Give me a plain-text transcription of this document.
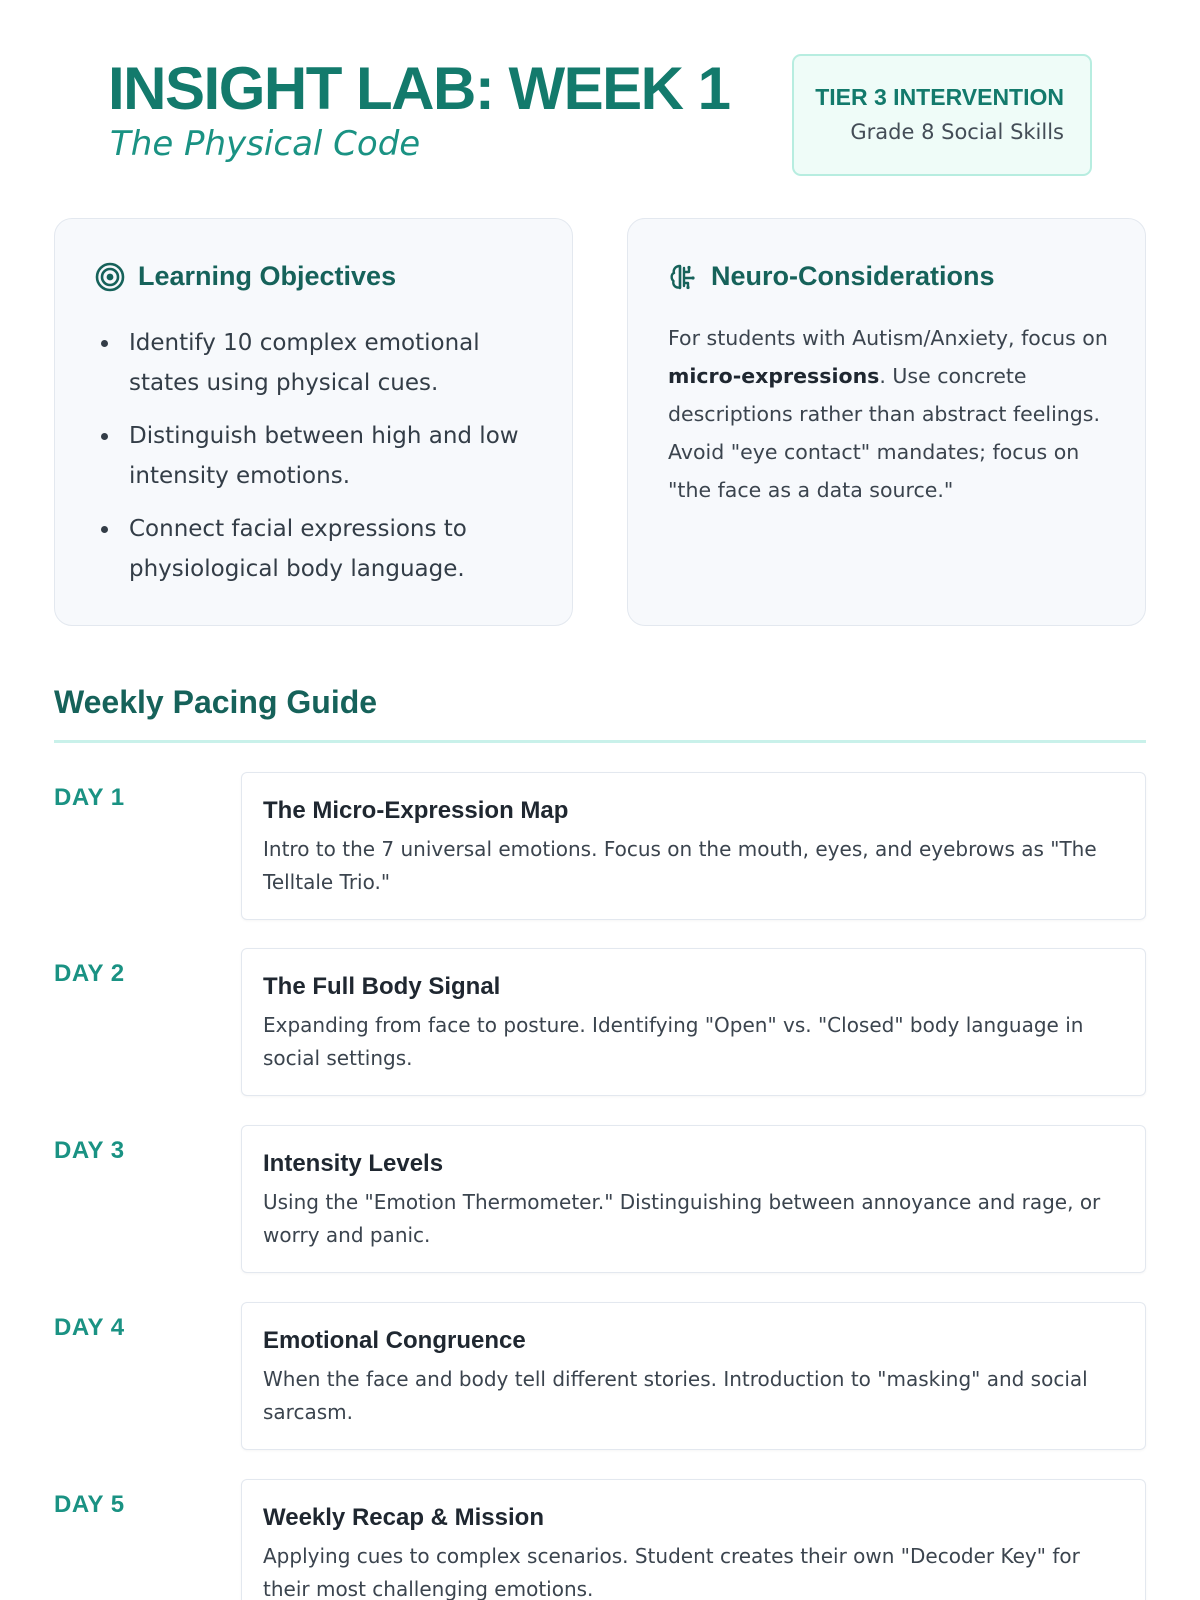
INSIGHT LAB: WEEK 1
The Physical Code
TIER 3 INTERVENTION
Grade 8 Social Skills
Learning Objectives
Identify 10 complex emotional states using physical cues.
Distinguish between high and low intensity emotions.
Connect facial expressions to physiological body language.
Neuro-Considerations

For students with Autism/Anxiety, focus on micro-expressions. Use concrete descriptions rather than abstract feelings. Avoid "eye contact" mandates; focus on "the face as a data source."

Weekly Pacing Guide
DAY 1	The Micro-Expression Map
Intro to the 7 universal emotions. Focus on the mouth, eyes, and eyebrows as "The Telltale Trio."
DAY 2	The Full Body Signal
Expanding from face to posture. Identifying "Open" vs. "Closed" body language in social settings.
DAY 3	Intensity Levels
Using the "Emotion Thermometer." Distinguishing between annoyance and rage, or worry and panic.
DAY 4	Emotional Congruence
When the face and body tell different stories. Introduction to "masking" and social sarcasm.
DAY 5	Weekly Recap & Mission
Applying cues to complex scenarios. Student creates their own "Decoder Key" for their most challenging emotions.
